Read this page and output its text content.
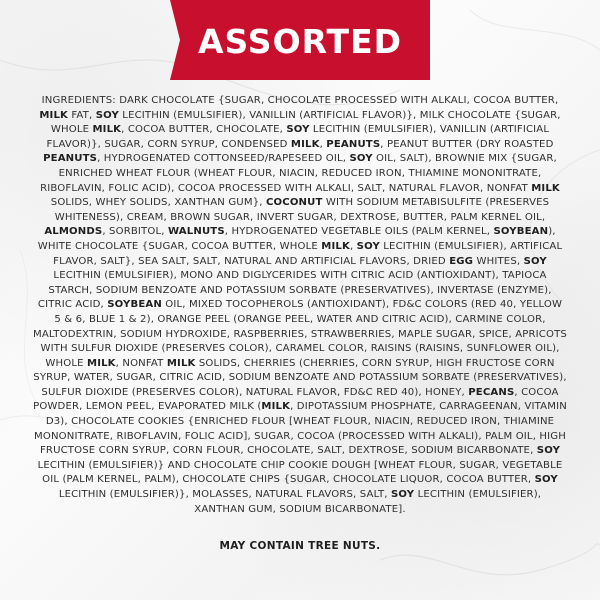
ASSORTED

INGREDIENTS: DARK CHOCOLATE {SUGAR, CHOCOLATE PROCESSED WITH ALKALI, COCOA BUTTER, MILK FAT, SOY LECITHIN (EMULSIFIER), VANILLIN (ARTIFICIAL FLAVOR)}, MILK CHOCOLATE {SUGAR, WHOLE MILK, COCOA BUTTER, CHOCOLATE, SOY LECITHIN (EMULSIFIER), VANILLIN (ARTIFICIAL FLAVOR)}, SUGAR, CORN SYRUP, CONDENSED MILK, PEANUTS, PEANUT BUTTER (DRY ROASTED PEANUTS, HYDROGENATED COTTONSEED/RAPESEED OIL, SOY OIL, SALT), BROWNIE MIX {SUGAR, ENRICHED WHEAT FLOUR (WHEAT FLOUR, NIACIN, REDUCED IRON, THIAMINE MONONITRATE, RIBOFLAVIN, FOLIC ACID), COCOA PROCESSED WITH ALKALI, SALT, NATURAL FLAVOR, NONFAT MILK SOLIDS, WHEY SOLIDS, XANTHAN GUM}, COCONUT WITH SODIUM METABISULFITE (PRESERVES WHITENESS), CREAM, BROWN SUGAR, INVERT SUGAR, DEXTROSE, BUTTER, PALM KERNEL OIL, ALMONDS, SORBITOL, WALNUTS, HYDROGENATED VEGETABLE OILS (PALM KERNEL, SOYBEAN), WHITE CHOCOLATE {SUGAR, COCOA BUTTER, WHOLE MILK, SOY LECITHIN (EMULSIFIER), ARTIFICAL FLAVOR, SALT}, SEA SALT, SALT, NATURAL AND ARTIFICIAL FLAVORS, DRIED EGG WHITES, SOY LECITHIN (EMULSIFIER), MONO AND DIGLYCERIDES WITH CITRIC ACID (ANTIOXIDANT), TAPIOCA STARCH, SODIUM BENZOATE AND POTASSIUM SORBATE (PRESERVATIVES), INVERTASE (ENZYME), CITRIC ACID, SOYBEAN OIL, MIXED TOCOPHEROLS (ANTIOXIDANT), FD&C COLORS (RED 40, YELLOW 5 & 6, BLUE 1 & 2), ORANGE PEEL (ORANGE PEEL, WATER AND CITRIC ACID), CARMINE COLOR, MALTODEXTRIN, SODIUM HYDROXIDE, RASPBERRIES, STRAWBERRIES, MAPLE SUGAR, SPICE, APRICOTS WITH SULFUR DIOXIDE (PRESERVES COLOR), CARAMEL COLOR, RAISINS (RAISINS, SUNFLOWER OIL), WHOLE MILK, NONFAT MILK SOLIDS, CHERRIES (CHERRIES, CORN SYRUP, HIGH FRUCTOSE CORN SYRUP, WATER, SUGAR, CITRIC ACID, SODIUM BENZOATE AND POTASSIUM SORBATE (PRESERVATIVES), SULFUR DIOXIDE (PRESERVES COLOR), NATURAL FLAVOR, FD&C RED 40), HONEY, PECANS, COCOA POWDER, LEMON PEEL, EVAPORATED MILK (MILK, DIPOTASSIUM PHOSPHATE, CARRAGEENAN, VITAMIN D3), CHOCOLATE COOKIES {ENRICHED FLOUR [WHEAT FLOUR, NIACIN, REDUCED IRON, THIAMINE MONONITRATE, RIBOFLAVIN, FOLIC ACID], SUGAR, COCOA (PROCESSED WITH ALKALI), PALM OIL, HIGH FRUCTOSE CORN SYRUP, CORN FLOUR, CHOCOLATE, SALT, DEXTROSE, SODIUM BICARBONATE, SOY LECITHIN (EMULSIFIER)} AND CHOCOLATE CHIP COOKIE DOUGH [WHEAT FLOUR, SUGAR, VEGETABLE OIL (PALM KERNEL, PALM), CHOCOLATE CHIPS {SUGAR, CHOCOLATE LIQUOR, COCOA BUTTER, SOY LECITHIN (EMULSIFIER)}, MOLASSES, NATURAL FLAVORS, SALT, SOY LECITHIN (EMULSIFIER), XANTHAN GUM, SODIUM BICARBONATE].

MAY CONTAIN TREE NUTS.
